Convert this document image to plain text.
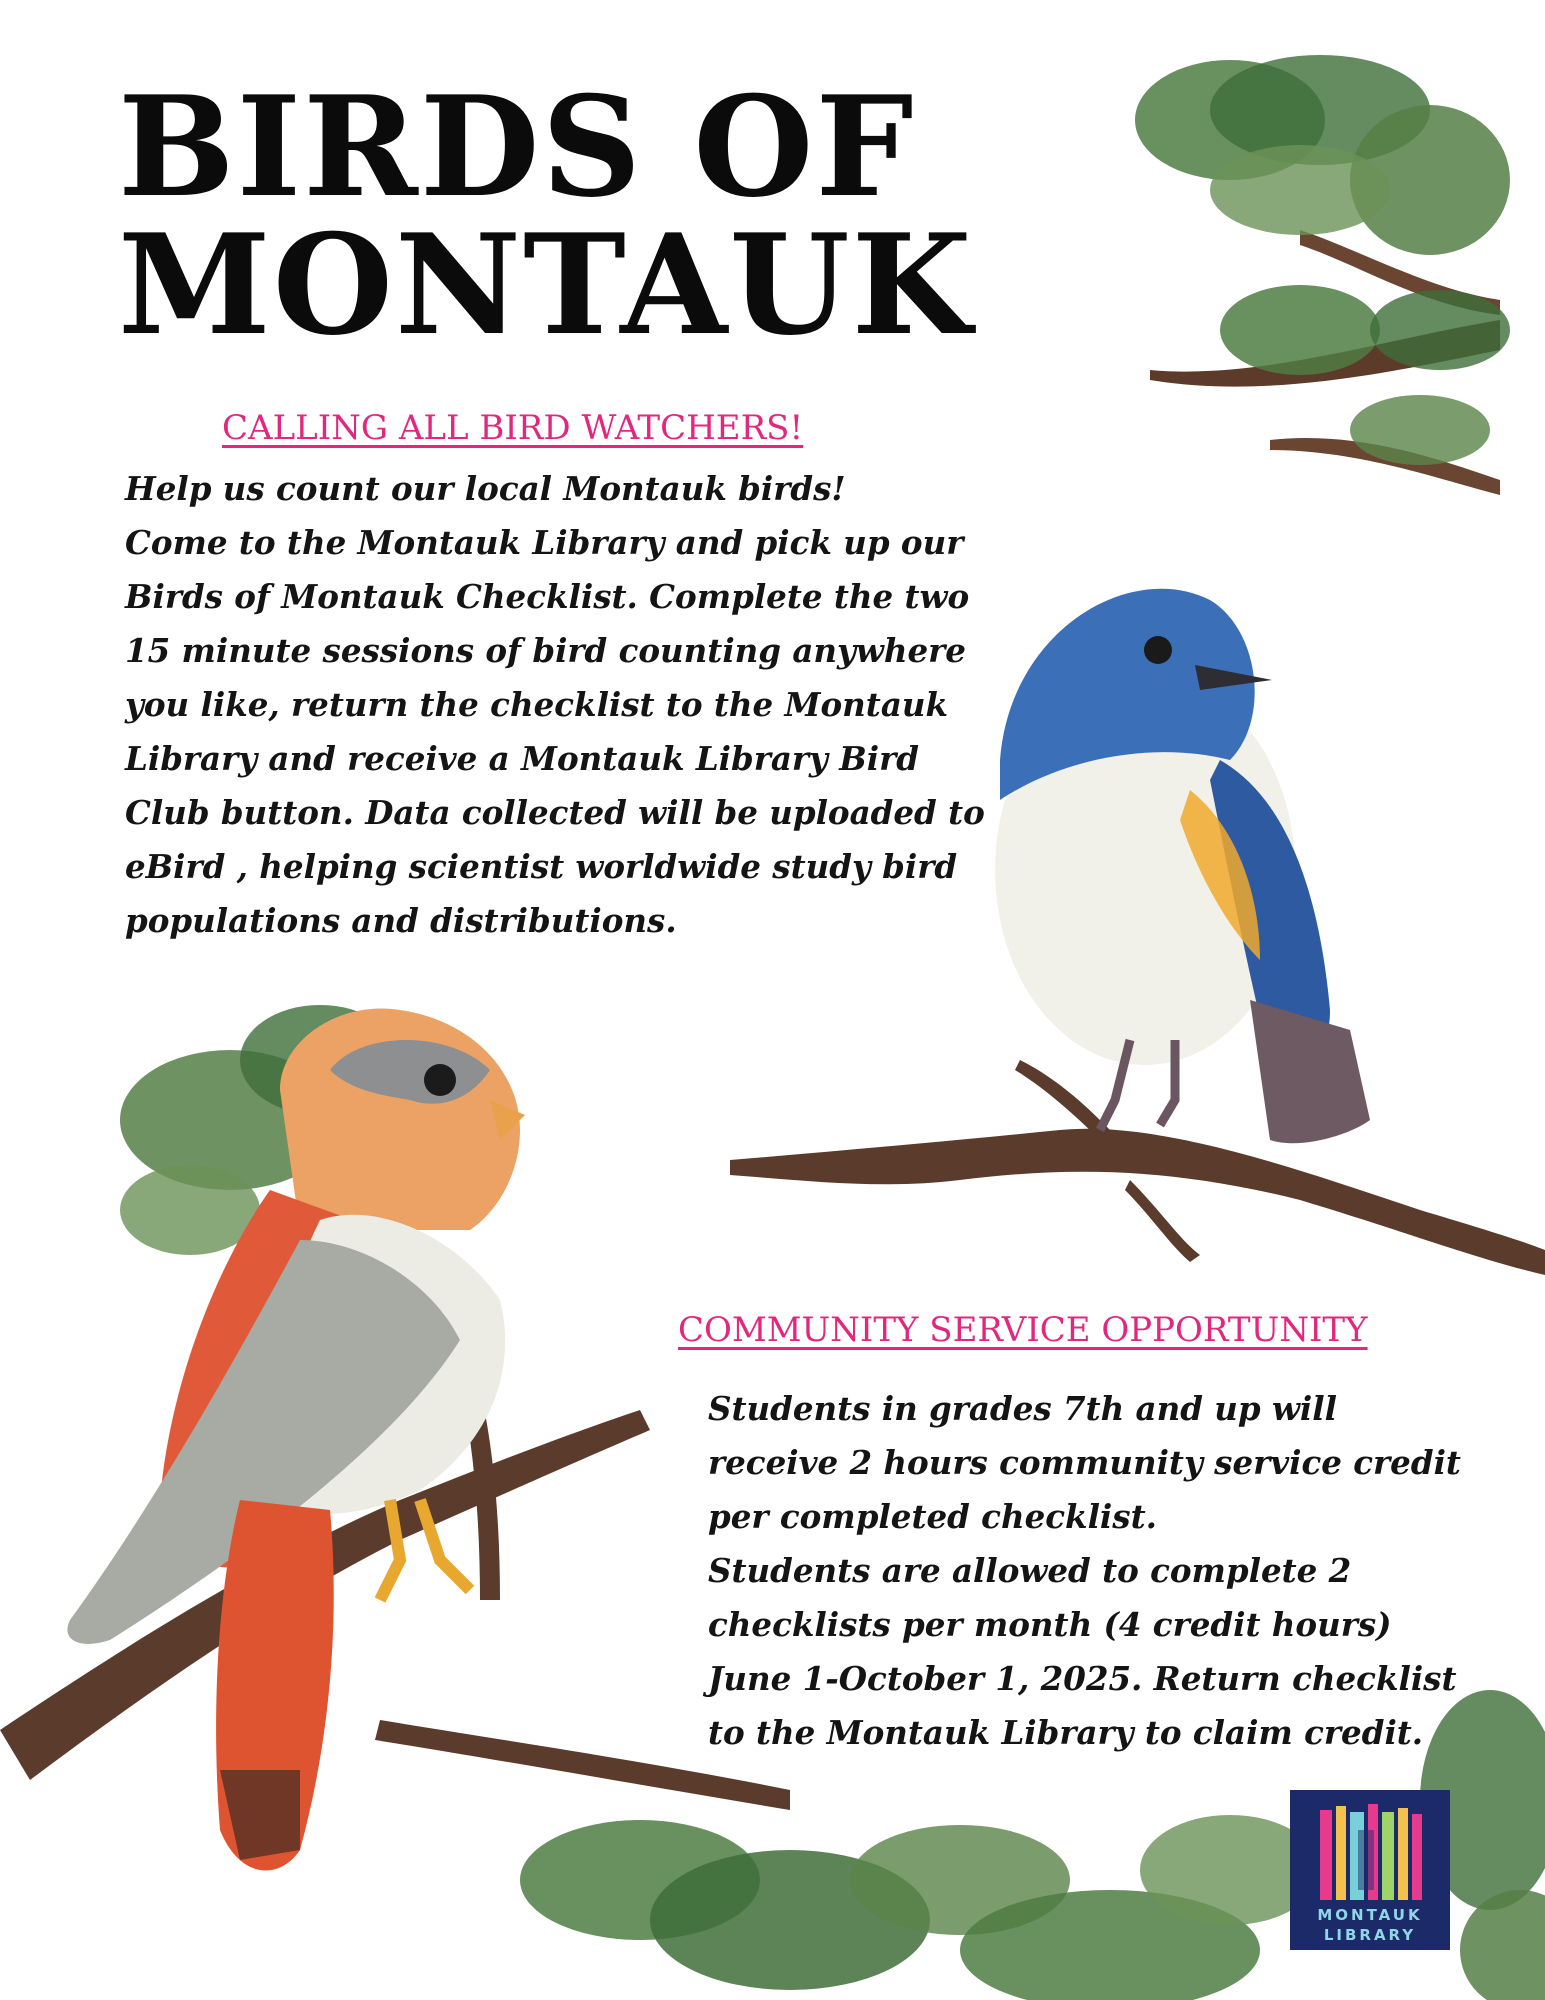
BIRDS OF
MONTAUK
CALLING ALL BIRD WATCHERS!
Help us count our local Montauk birds!
Come to the Montauk Library and pick up our
Birds of Montauk Checklist. Complete the two
15 minute sessions of bird counting anywhere
you like, return the checklist to the Montauk
Library and receive a Montauk Library Bird
Club button. Data collected will be uploaded to
eBird , helping scientist worldwide study bird
populations and distributions.
COMMUNITY SERVICE OPPORTUNITY
Students in grades 7th and up will
receive 2 hours community service credit
per completed checklist.
Students are allowed to complete 2
checklists per month (4 credit hours)
June 1-October 1, 2025. Return checklist
to the Montauk Library to claim credit.
MONTAUK
LIBRARY
